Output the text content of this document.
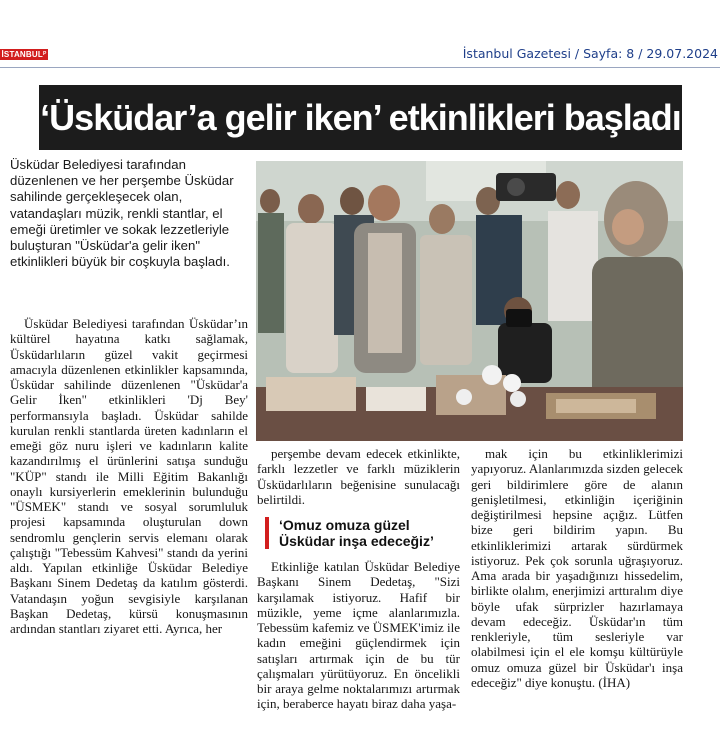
$İSTANBUL^P$	İstanbul Gazetesi / Sayfa: 8 / 29.07.2024
‘Üsküdar’a gelir iken’ etkinlikleri başladı
Üsküdar Belediyesi tarafından düzenlenen ve her perşembe Üsküdar sahilinde gerçekleşecek olan, vatandaşları müzik, renkli stantlar, el emeği üretimler ve sokak lezzetleriyle buluşturan "Üsküdar'a gelir iken" etkinlikleri büyük bir coşkuyla başladı.

Üsküdar Belediyesi tarafından Üsküdar’ın kültürel hayatına katkı sağlamak, Üsküdarlıların güzel vakit geçirmesi amacıyla düzenlenen etkinlikler kapsamında, Üsküdar sahilinde düzenlenen "Üsküdar'a Gelir İken" etkinlikleri 'Dj Bey' performansıyla başladı. Üsküdar sahilde kurulan renkli stantlarda üreten kadınların el emeği göz nuru işleri ve kadınların kalite kazandırılmış el ürünlerini satışa sunduğu "KÜP" standı ile Milli Eğitim Bakanlığı onaylı kursiyerlerin emeklerinin bulunduğu "ÜSMEK" standı ve sosyal sorumluluk projesi kapsamında oluşturulan down sendromlu gençlerin servis elemanı olarak çalıştığı "Tebessüm Kahvesi" standı da yerini aldı. Yapılan etkinliğe Üsküdar Belediye Başkanı Sinem Dedetaş da katılım gösterdi. Vatandaşın yoğun sevgisiyle karşılanan Başkan Dedetaş, kürsü konuşmasının ardından stantları ziyaret etti. Ayrıca, her

perşembe devam edecek etkinlikte, farklı lezzetler ve farklı müziklerin Üsküdarlıların beğenisine sunulacağı belirtildi.

‘Omuz omuza güzel Üsküdar inşa edeceğiz’

Etkinliğe katılan Üsküdar Belediye Başkanı Sinem Dedetaş, "Sizi karşılamak istiyoruz. Hafif bir müzikle, yeme içme alanlarımızla. Tebessüm kafemiz ve ÜSMEK'imiz ile kadın emeğini güçlendirmek için satışları artırmak için de bu tür çalışmaları yürütüyoruz. En öncelikli bir araya gelme noktalarımızı artırmak için, beraberce hayatı biraz daha yaşa-

mak için bu etkinliklerimizi yapıyoruz. Alanlarımızda sizden gelecek geri bildirimlere göre de alanın genişletilmesi, etkinliğin içeriğinin değiştirilmesi hepsine açığız. Lütfen bize geri bildirim yapın. Bu etkinliklerimizi artarak sürdürmek istiyoruz. Pek çok sorunla uğraşıyoruz. Ama arada bir yaşadığınızı hissedelim, birlikte olalım, enerjimizi arttıralım diye böyle ufak sürprizler hazırlamaya devam edeceğiz. Üsküdar'ın tüm renkleriyle, tüm sesleriyle var olabilmesi için el ele komşu kültürüyle omuz omuza güzel bir Üsküdar'ı inşa edeceğiz" diye konuştu. (İHA)
